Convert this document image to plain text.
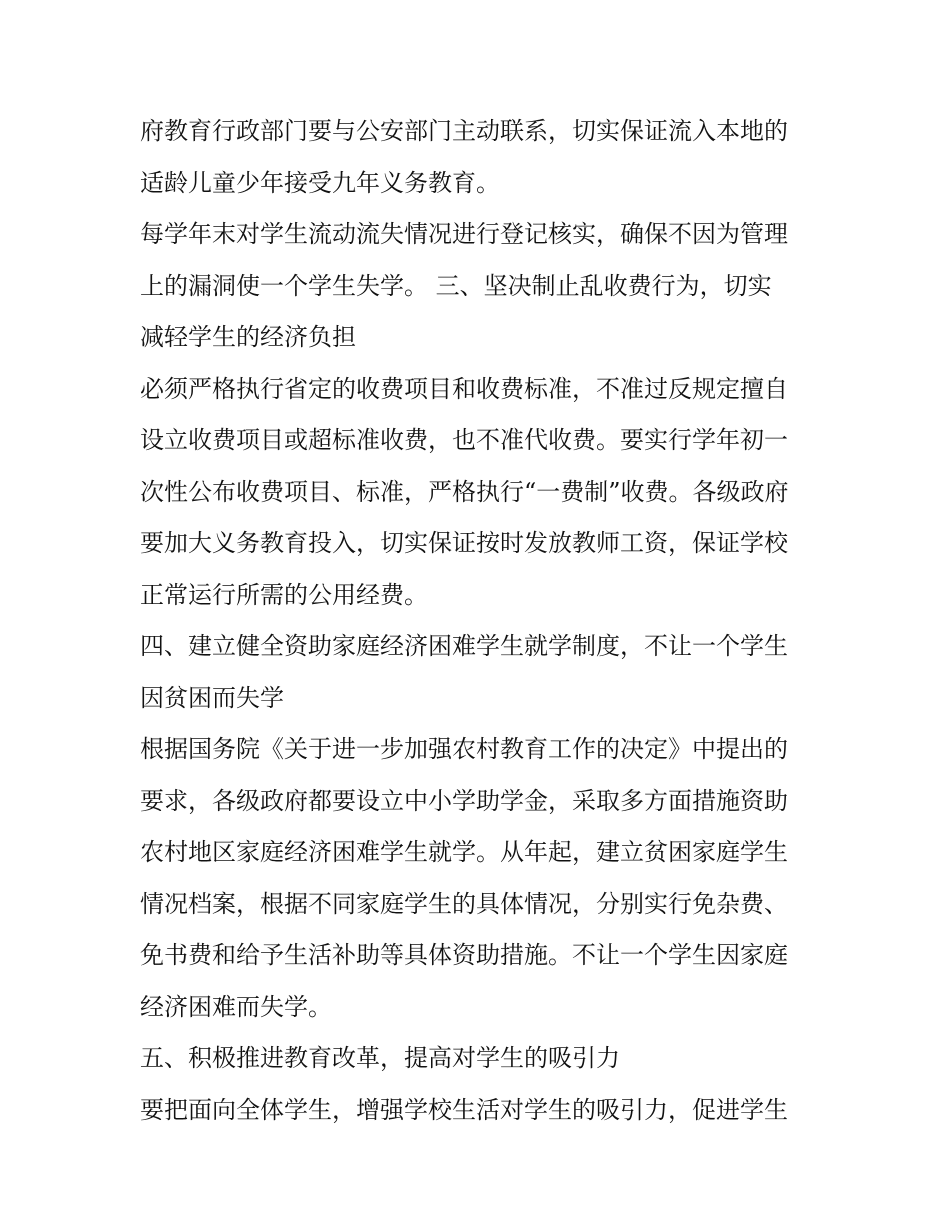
府教育行政部门要与公安部门主动联系，切实保证流入本地的
适龄儿童少年接受九年义务教育。
每学年末对学生流动流失情况进行登记核实，确保不因为管理
上的漏洞使一个学生失学。 三、坚决制止乱收费行为，切实
减轻学生的经济负担
必须严格执行省定的收费项目和收费标准，不准过反规定擅自
设立收费项目或超标准收费，也不准代收费。要实行学年初一
次性公布收费项目、标准，严格执行“一费制”收费。各级政府
要加大义务教育投入，切实保证按时发放教师工资，保证学校
正常运行所需的公用经费。
四、建立健全资助家庭经济困难学生就学制度，不让一个学生
因贫困而失学
根据国务院《关于进一步加强农村教育工作的决定》中提出的
要求，各级政府都要设立中小学助学金，采取多方面措施资助
农村地区家庭经济困难学生就学。从年起，建立贫困家庭学生
情况档案，根据不同家庭学生的具体情况，分别实行免杂费、
免书费和给予生活补助等具体资助措施。不让一个学生因家庭
经济困难而失学。
五、积极推进教育改革，提高对学生的吸引力
要把面向全体学生，增强学校生活对学生的吸引力，促进学生
